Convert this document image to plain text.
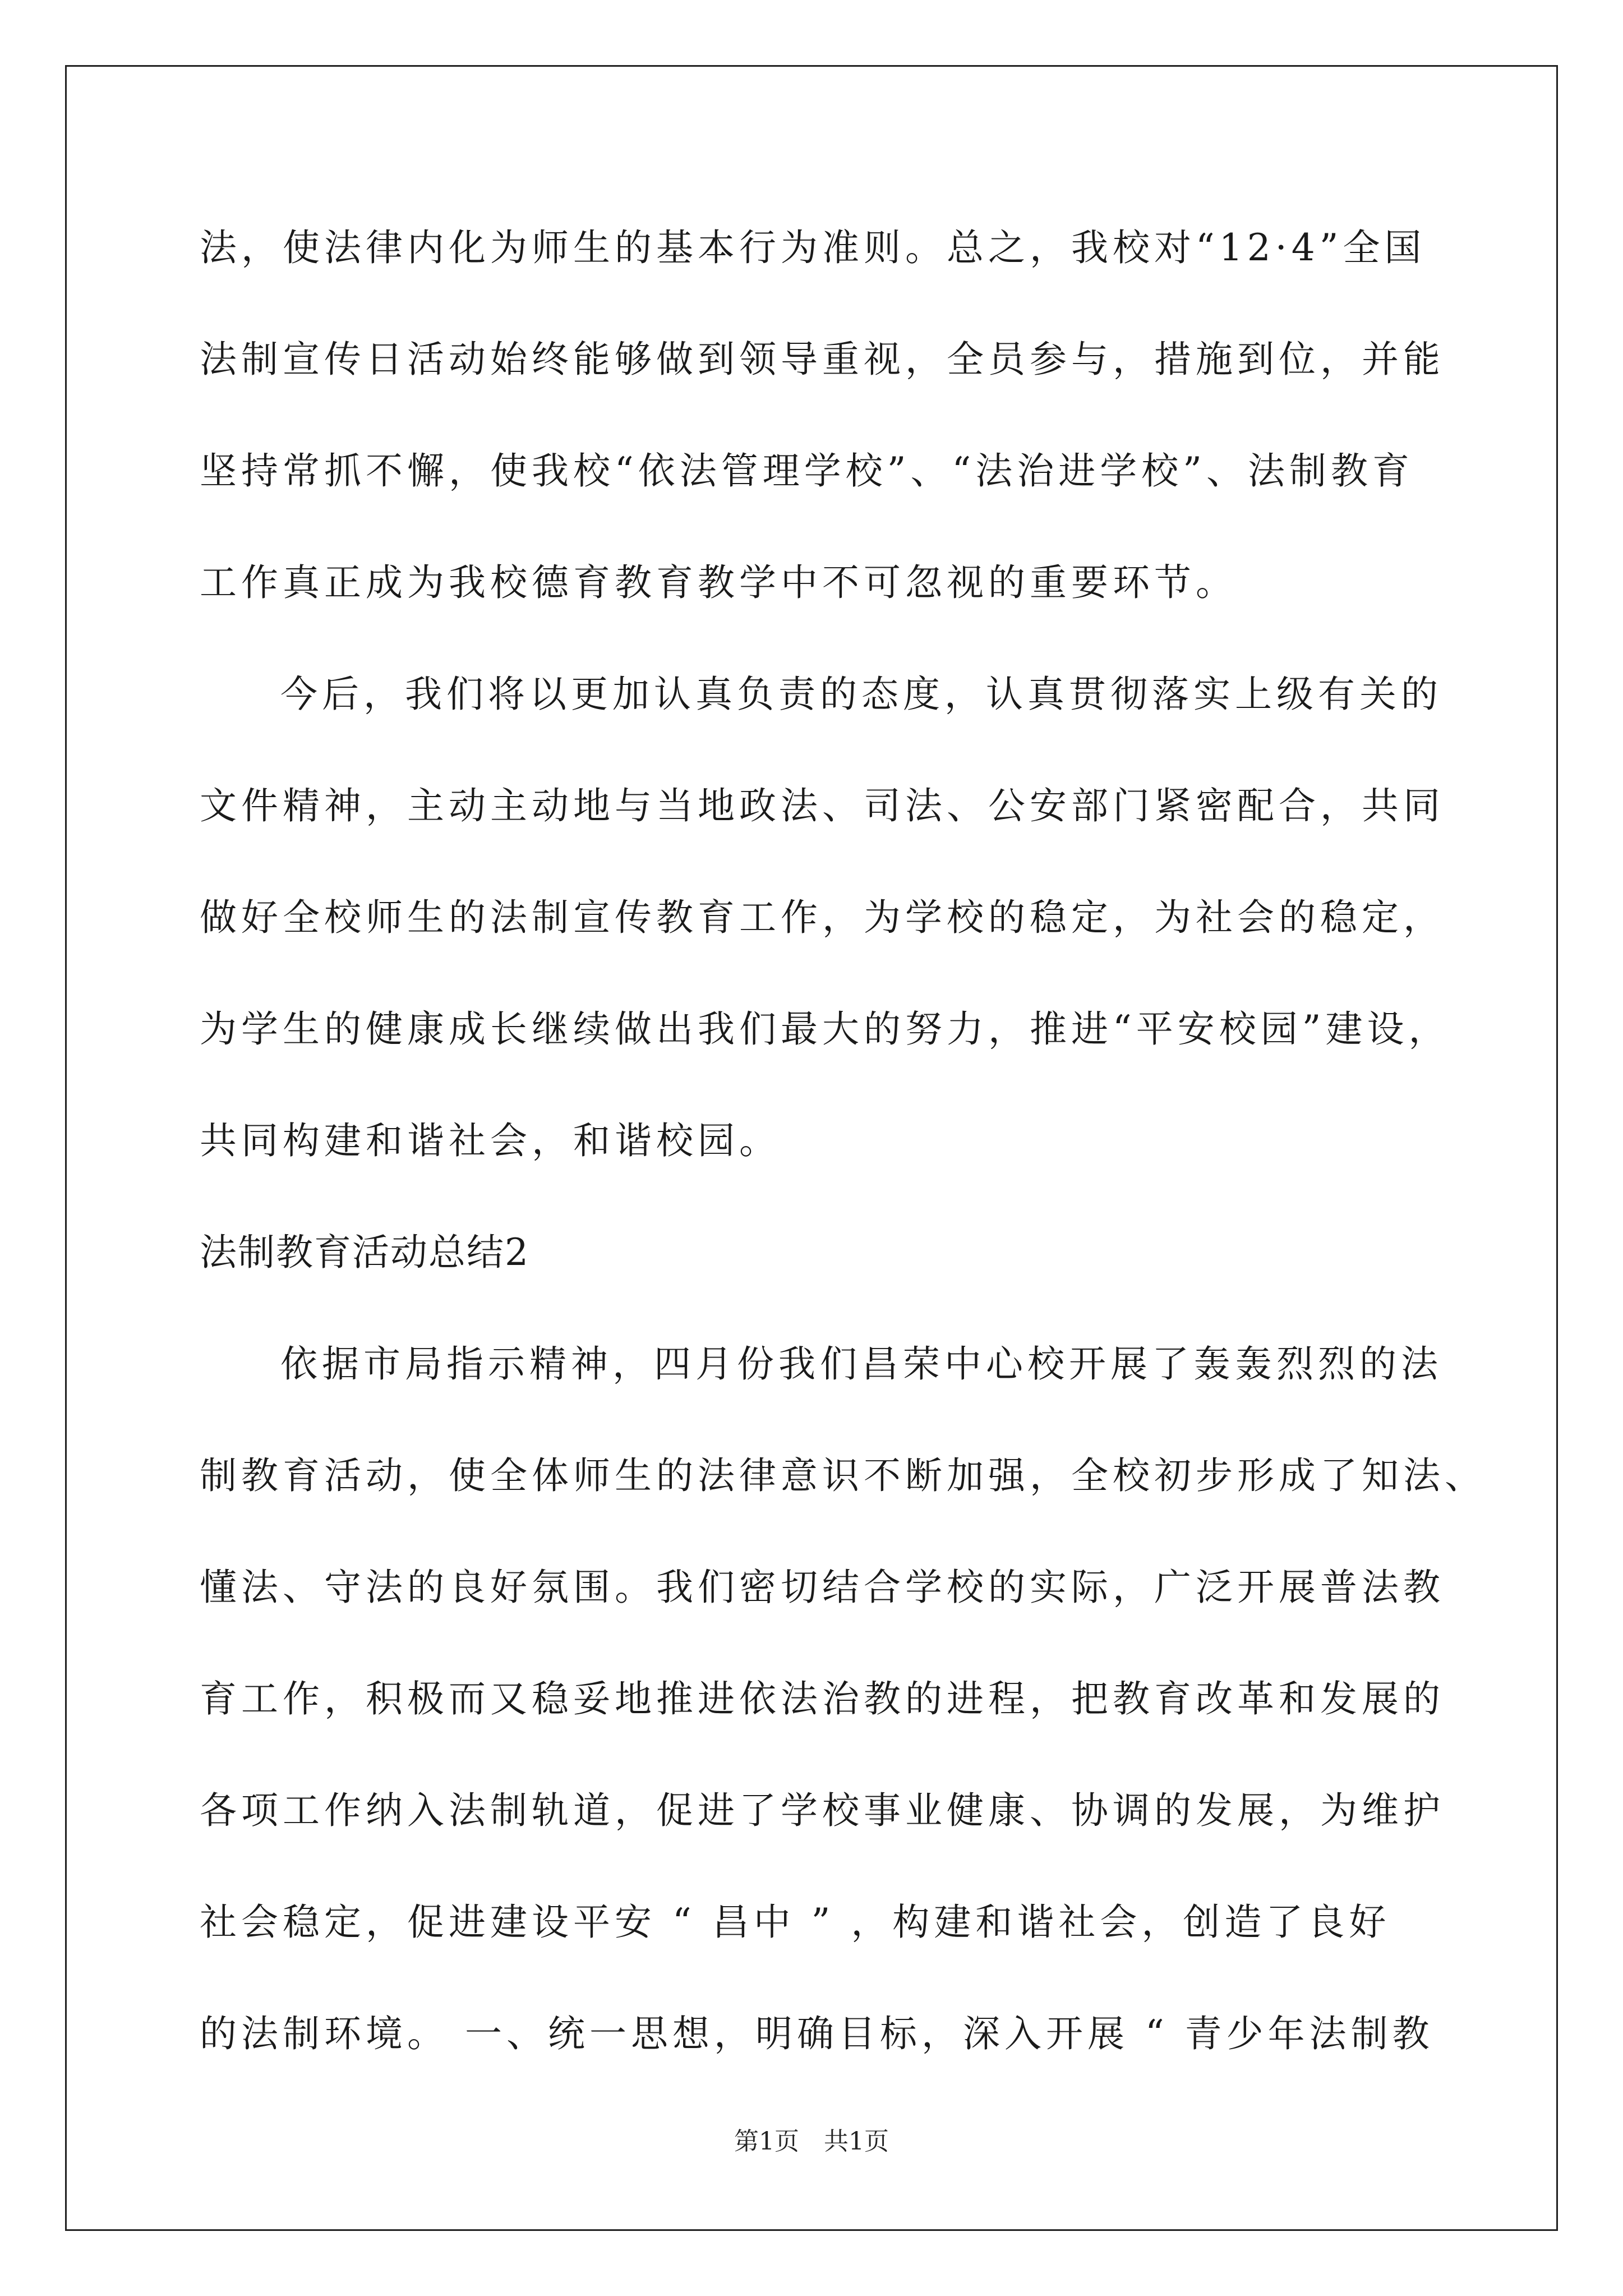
法，使法律内化为师生的基本行为准则。总之，我校对“12·4”全国
法制宣传日活动始终能够做到领导重视，全员参与，措施到位，并能
坚持常抓不懈，使我校“依法管理学校”、“法治进学校”、法制教育
工作真正成为我校德育教育教学中不可忽视的重要环节。
今后，我们将以更加认真负责的态度，认真贯彻落实上级有关的
文件精神，主动主动地与当地政法、司法、公安部门紧密配合，共同
做好全校师生的法制宣传教育工作，为学校的稳定，为社会的稳定，
为学生的健康成长继续做出我们最大的努力，推进“平安校园”建设，
共同构建和谐社会，和谐校园。
法制教育活动总结2
依据市局指示精神，四月份我们昌荣中心校开展了轰轰烈烈的法
制教育活动，使全体师生的法律意识不断加强，全校初步形成了知法、
懂法、守法的良好氛围。我们密切结合学校的实际，广泛开展普法教
育工作，积极而又稳妥地推进依法治教的进程，把教育改革和发展的
各项工作纳入法制轨道，促进了学校事业健康、协调的发展，为维护
社会稳定，促进建设平安 “ 昌中 ” ，构建和谐社会，创造了良好
的法制环境。 一、统一思想，明确目标，深入开展 “ 青少年法制教
第1页　共1页
